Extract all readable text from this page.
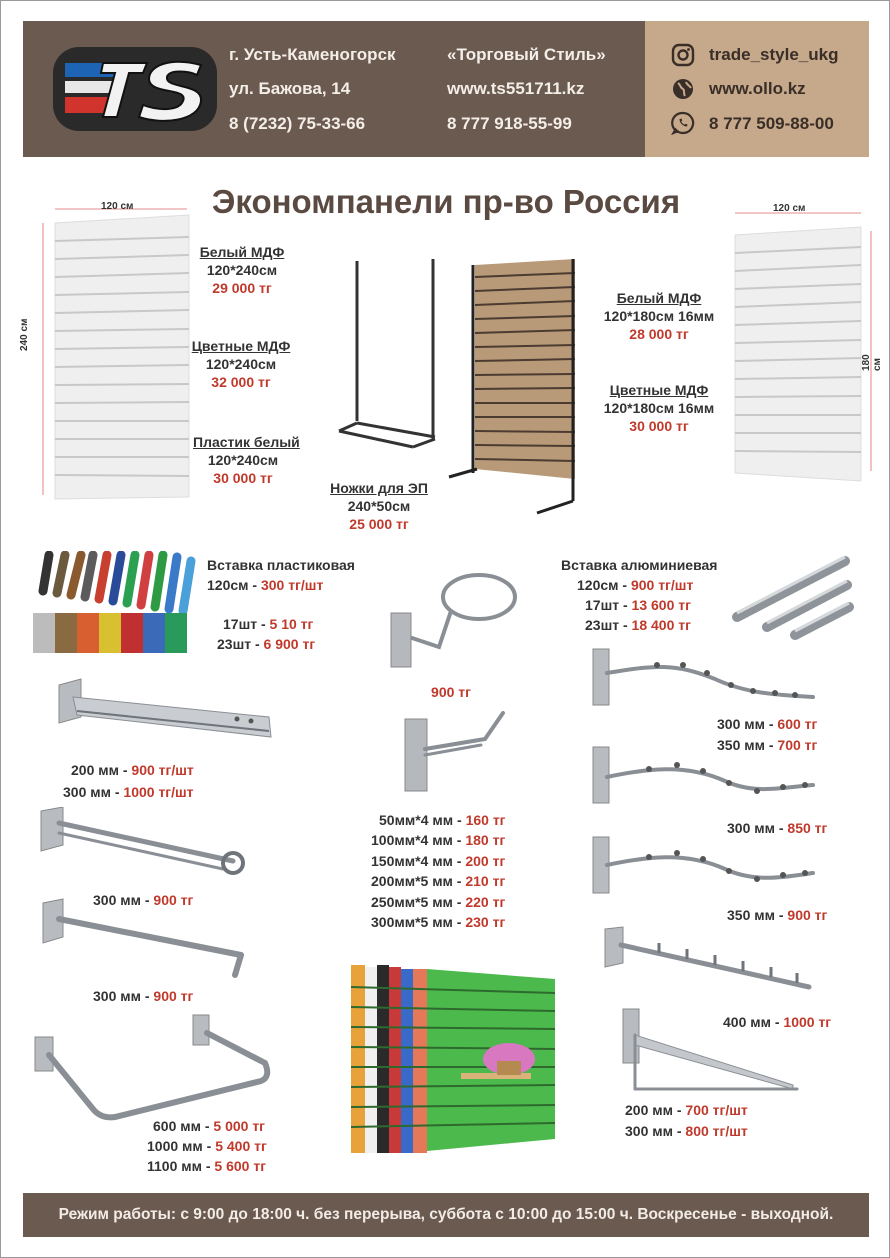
г. Усть-Каменогорск
ул. Бажова, 14
8 (7232) 75-33-66
«Торговый Стиль»
www.ts551711.kz
8 777 918-55-99
trade_style_ukg
www.ollo.kz
8 777 509-88-00
Экономпанели пр-во Россия
120 см
240 см
Белый МДФ
120*240см
29 000 тг
Цветные МДФ
120*240см
32 000 тг
Пластик белый
120*240см
30 000 тг
Ножки для ЭП
240*50см
25 000 тг
Белый МДФ
120*180см 16мм
28 000 тг
Цветные МДФ
120*180см 16мм
30 000 тг
120 см
180 см
Вставка пластиковая
120см - 300 тг/шт
17шт - 5 10 тг
23шт - 6 900 тг
900 тг
Вставка алюминиевая
120см - 900 тг/шт
17шт - 13 600 тг
23шт - 18 400 тг
200 мм - 900 тг/шт
300 мм - 1000 тг/шт
300 мм - 900 тг
300 мм - 900 тг
600 мм - 5 000 тг
1000 мм - 5 400 тг
1100 мм - 5 600 тг
50мм*4 мм - 160 тг
100мм*4 мм - 180 тг
150мм*4 мм - 200 тг
200мм*5 мм - 210 тг
250мм*5 мм - 220 тг
300мм*5 мм - 230 тг
300 мм - 600 тг
350 мм - 700 тг
300 мм - 850 тг
350 мм - 900 тг
400 мм - 1000 тг
200 мм - 700 тг/шт
300 мм - 800 тг/шт
Режим работы: с 9:00 до 18:00 ч. без перерыва, суббота с 10:00 до 15:00 ч. Воскресенье - выходной.
